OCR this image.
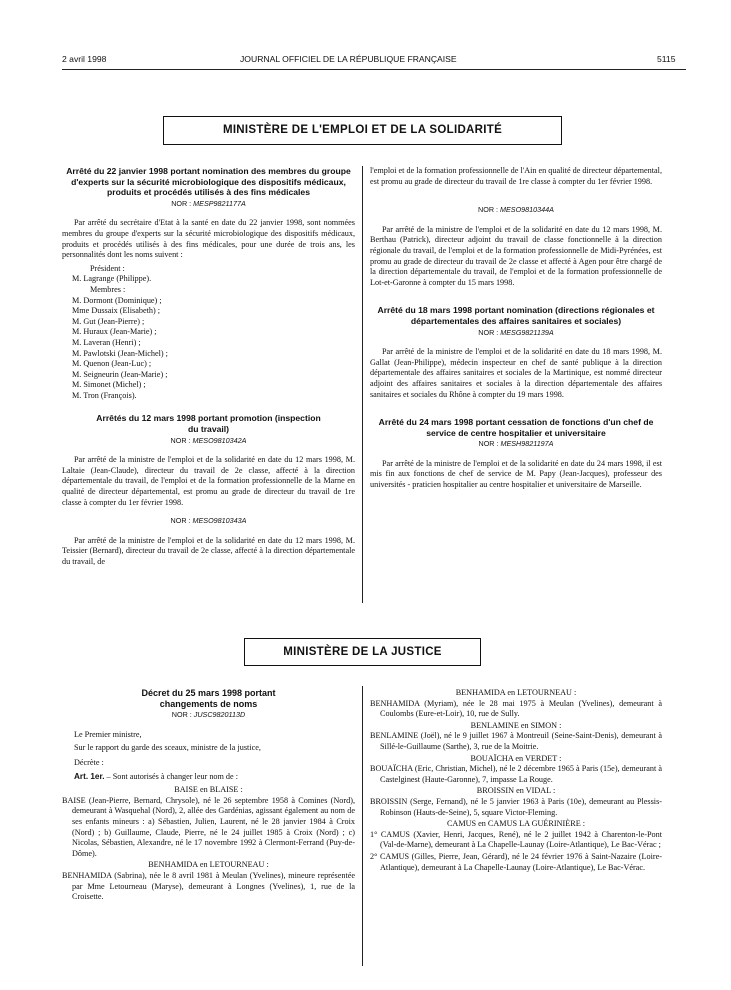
2 avril 1998	JOURNAL OFFICIEL DE LA RÉPUBLIQUE FRANÇAISE	5115
MINISTÈRE DE L'EMPLOI ET DE LA SOLIDARITÉ
Arrêté du 22 janvier 1998 portant nomination des membres du groupe d'experts sur la sécurité microbiologique des dispositifs médicaux, produits et procédés utilisés à des fins médicales
NOR : MESP9821177A

Par arrêté du secrétaire d'Etat à la santé en date du 22 janvier 1998, sont nommées membres du groupe d'experts sur la sécurité microbiologique des dispositifs médicaux, produits et procédés utilisés à des fins médicales, pour une durée de trois ans, les personnalités dont les noms suivent :

Président :
M. Lagrange (Philippe).
Membres :
M. Dormont (Dominique) ;
Mme Dussaix (Elisabeth) ;
M. Gut (Jean-Pierre) ;
M. Huraux (Jean-Marie) ;
M. Laveran (Henri) ;
M. Pawlotski (Jean-Michel) ;
M. Quenon (Jean-Luc) ;
M. Seigneurin (Jean-Marie) ;
M. Simonet (Michel) ;
M. Tron (François).
Arrêtés du 12 mars 1998 portant promotion (inspection du travail)
NOR : MESO9810342A

Par arrêté de la ministre de l'emploi et de la solidarité en date du 12 mars 1998, M. Laltaie (Jean-Claude), directeur du travail de 2e classe, affecté à la direction départementale du travail, de l'emploi et de la formation professionnelle de la Marne en qualité de directeur départemental, est promu au grade de directeur du travail de 1re classe à compter du 1er février 1998.

NOR : MESO9810343A

Par arrêté de la ministre de l'emploi et de la solidarité en date du 12 mars 1998, M. Teissier (Bernard), directeur du travail de 2e classe, affecté à la direction départementale du travail, de

l'emploi et de la formation professionnelle de l'Ain en qualité de directeur départemental, est promu au grade de directeur du travail de 1re classe à compter du 1er février 1998.

NOR : MESO9810344A

Par arrêté de la ministre de l'emploi et de la solidarité en date du 12 mars 1998, M. Berthau (Patrick), directeur adjoint du travail de classe fonctionnelle à la direction régionale du travail, de l'emploi et de la formation professionnelle de Midi-Pyrénées, est promu au grade de directeur du travail de 2e classe et affecté à Agen pour être chargé de la direction départementale du travail, de l'emploi et de la formation professionnelle de Lot-et-Garonne à compter du 15 mars 1998.

Arrêté du 18 mars 1998 portant nomination (directions régionales et départementales des affaires sanitaires et sociales)
NOR : MESG9821139A

Par arrêté de la ministre de l'emploi et de la solidarité en date du 18 mars 1998, M. Gallat (Jean-Philippe), médecin inspecteur en chef de santé publique à la direction départementale des affaires sanitaires et sociales de la Martinique, est nommé directeur adjoint des affaires sanitaires et sociales à la direction départementale des affaires sanitaires et sociales du Rhône à compter du 19 mars 1998.

Arrêté du 24 mars 1998 portant cessation de fonctions d'un chef de service de centre hospitalier et universitaire
NOR : MESH9821197A

Par arrêté de la ministre de l'emploi et de la solidarité en date du 24 mars 1998, il est mis fin aux fonctions de chef de service de M. Papy (Jean-Jacques), professeur des universités - praticien hospitalier au centre hospitalier et universitaire de Marseille.

MINISTÈRE DE LA JUSTICE
Décret du 25 mars 1998 portant changements de noms
NOR : JUSC9820113D

Le Premier ministre,

Sur le rapport du garde des sceaux, ministre de la justice,

Décrète :

Art. 1er. – Sont autorisés à changer leur nom de :

BAISE en BLAISE :
BAISE (Jean-Pierre, Bernard, Chrysole), né le 26 septembre 1958 à Comines (Nord), demeurant à Wasquehal (Nord), 2, allée des Gardénias, agissant également au nom de ses enfants mineurs : a) Sébastien, Julien, Laurent, né le 28 janvier 1984 à Croix (Nord) ; b) Guillaume, Claude, Pierre, né le 24 juillet 1985 à Croix (Nord) ; c) Nicolas, Sébastien, Alexandre, né le 17 novembre 1992 à Clermont-Ferrand (Puy-de-Dôme).
BENHAMIDA en LETOURNEAU :
BENHAMIDA (Sabrina), née le 8 avril 1981 à Meulan (Yvelines), mineure représentée par Mme Letourneau (Maryse), demeurant à Longnes (Yvelines), 1, rue de la Croisette.
BENHAMIDA en LETOURNEAU :
BENHAMIDA (Myriam), née le 28 mai 1975 à Meulan (Yvelines), demeurant à Coulombs (Eure-et-Loir), 10, rue de Sully.
BENLAMINE en SIMON :
BENLAMINE (Joël), né le 9 juillet 1967 à Montreuil (Seine-Saint-Denis), demeurant à Sillé-le-Guillaume (Sarthe), 3, rue de la Moitrie.
BOUAÏCHA en VERDET :
BOUAÏCHA (Eric, Christian, Michel), né le 2 décembre 1965 à Paris (15e), demeurant à Castelginest (Haute-Garonne), 7, impasse La Rouge.
BROISSIN en VIDAL :
BROISSIN (Serge, Fernand), né le 5 janvier 1963 à Paris (10e), demeurant au Plessis-Robinson (Hauts-de-Seine), 5, square Victor-Fleming.
CAMUS en CAMUS LA GUÉRINIÈRE :
1° CAMUS (Xavier, Henri, Jacques, René), né le 2 juillet 1942 à Charenton-le-Pont (Val-de-Marne), demeurant à La Chapelle-Launay (Loire-Atlantique), Le Bac-Vérac ;
2° CAMUS (Gilles, Pierre, Jean, Gérard), né le 24 février 1976 à Saint-Nazaire (Loire-Atlantique), demeurant à La Chapelle-Launay (Loire-Atlantique), Le Bac-Vérac.
